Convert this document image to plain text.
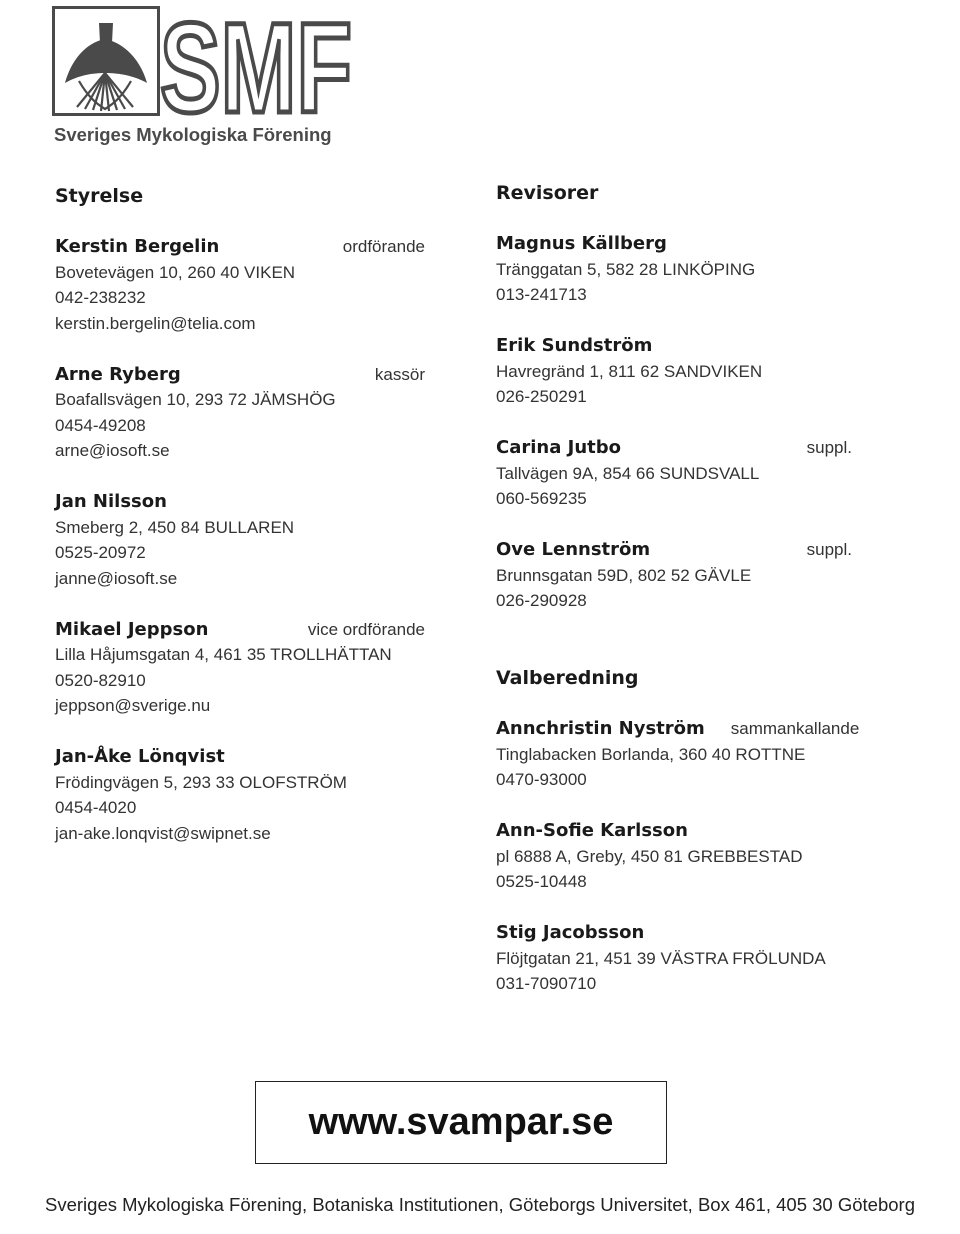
SMF
Sveriges Mykologiska Förening
Styrelse
Kerstin Bergelin	ordförande
Bovetevägen 10, 260 40 VIKEN
042-238232
kerstin.bergelin@telia.com
Arne Ryberg	kassör
Boafallsvägen 10, 293 72 JÄMSHÖG
0454-49208
arne@iosoft.se
Jan Nilsson
Smeberg 2, 450 84 BULLAREN
0525-20972
janne@iosoft.se
Mikael Jeppson	vice ordförande
Lilla Håjumsgatan 4, 461 35 TROLLHÄTTAN
0520-82910
jeppson@sverige.nu
Jan-Åke Lönqvist
Frödingvägen 5, 293 33 OLOFSTRÖM
0454-4020
jan-ake.lonqvist@swipnet.se
Revisorer
Magnus Källberg
Tränggatan 5, 582 28 LINKÖPING
013-241713
Erik Sundström
Havregränd 1, 811 62 SANDVIKEN
026-250291
Carina Jutbo	suppl.
Tallvägen 9A, 854 66 SUNDSVALL
060-569235
Ove Lennström	suppl.
Brunnsgatan 59D, 802 52 GÄVLE
026-290928
Valberedning
Annchristin Nyström sammankallande
Tinglabacken Borlanda, 360 40 ROTTNE
0470-93000
Ann-Sofie Karlsson
pl 6888 A, Greby, 450 81 GREBBESTAD
0525-10448
Stig Jacobsson
Flöjtgatan 21, 451 39 VÄSTRA FRÖLUNDA
031-7090710
www.svampar.se
Sveriges Mykologiska Förening, Botaniska Institutionen, Göteborgs Universitet, Box 461, 405 30 Göteborg
